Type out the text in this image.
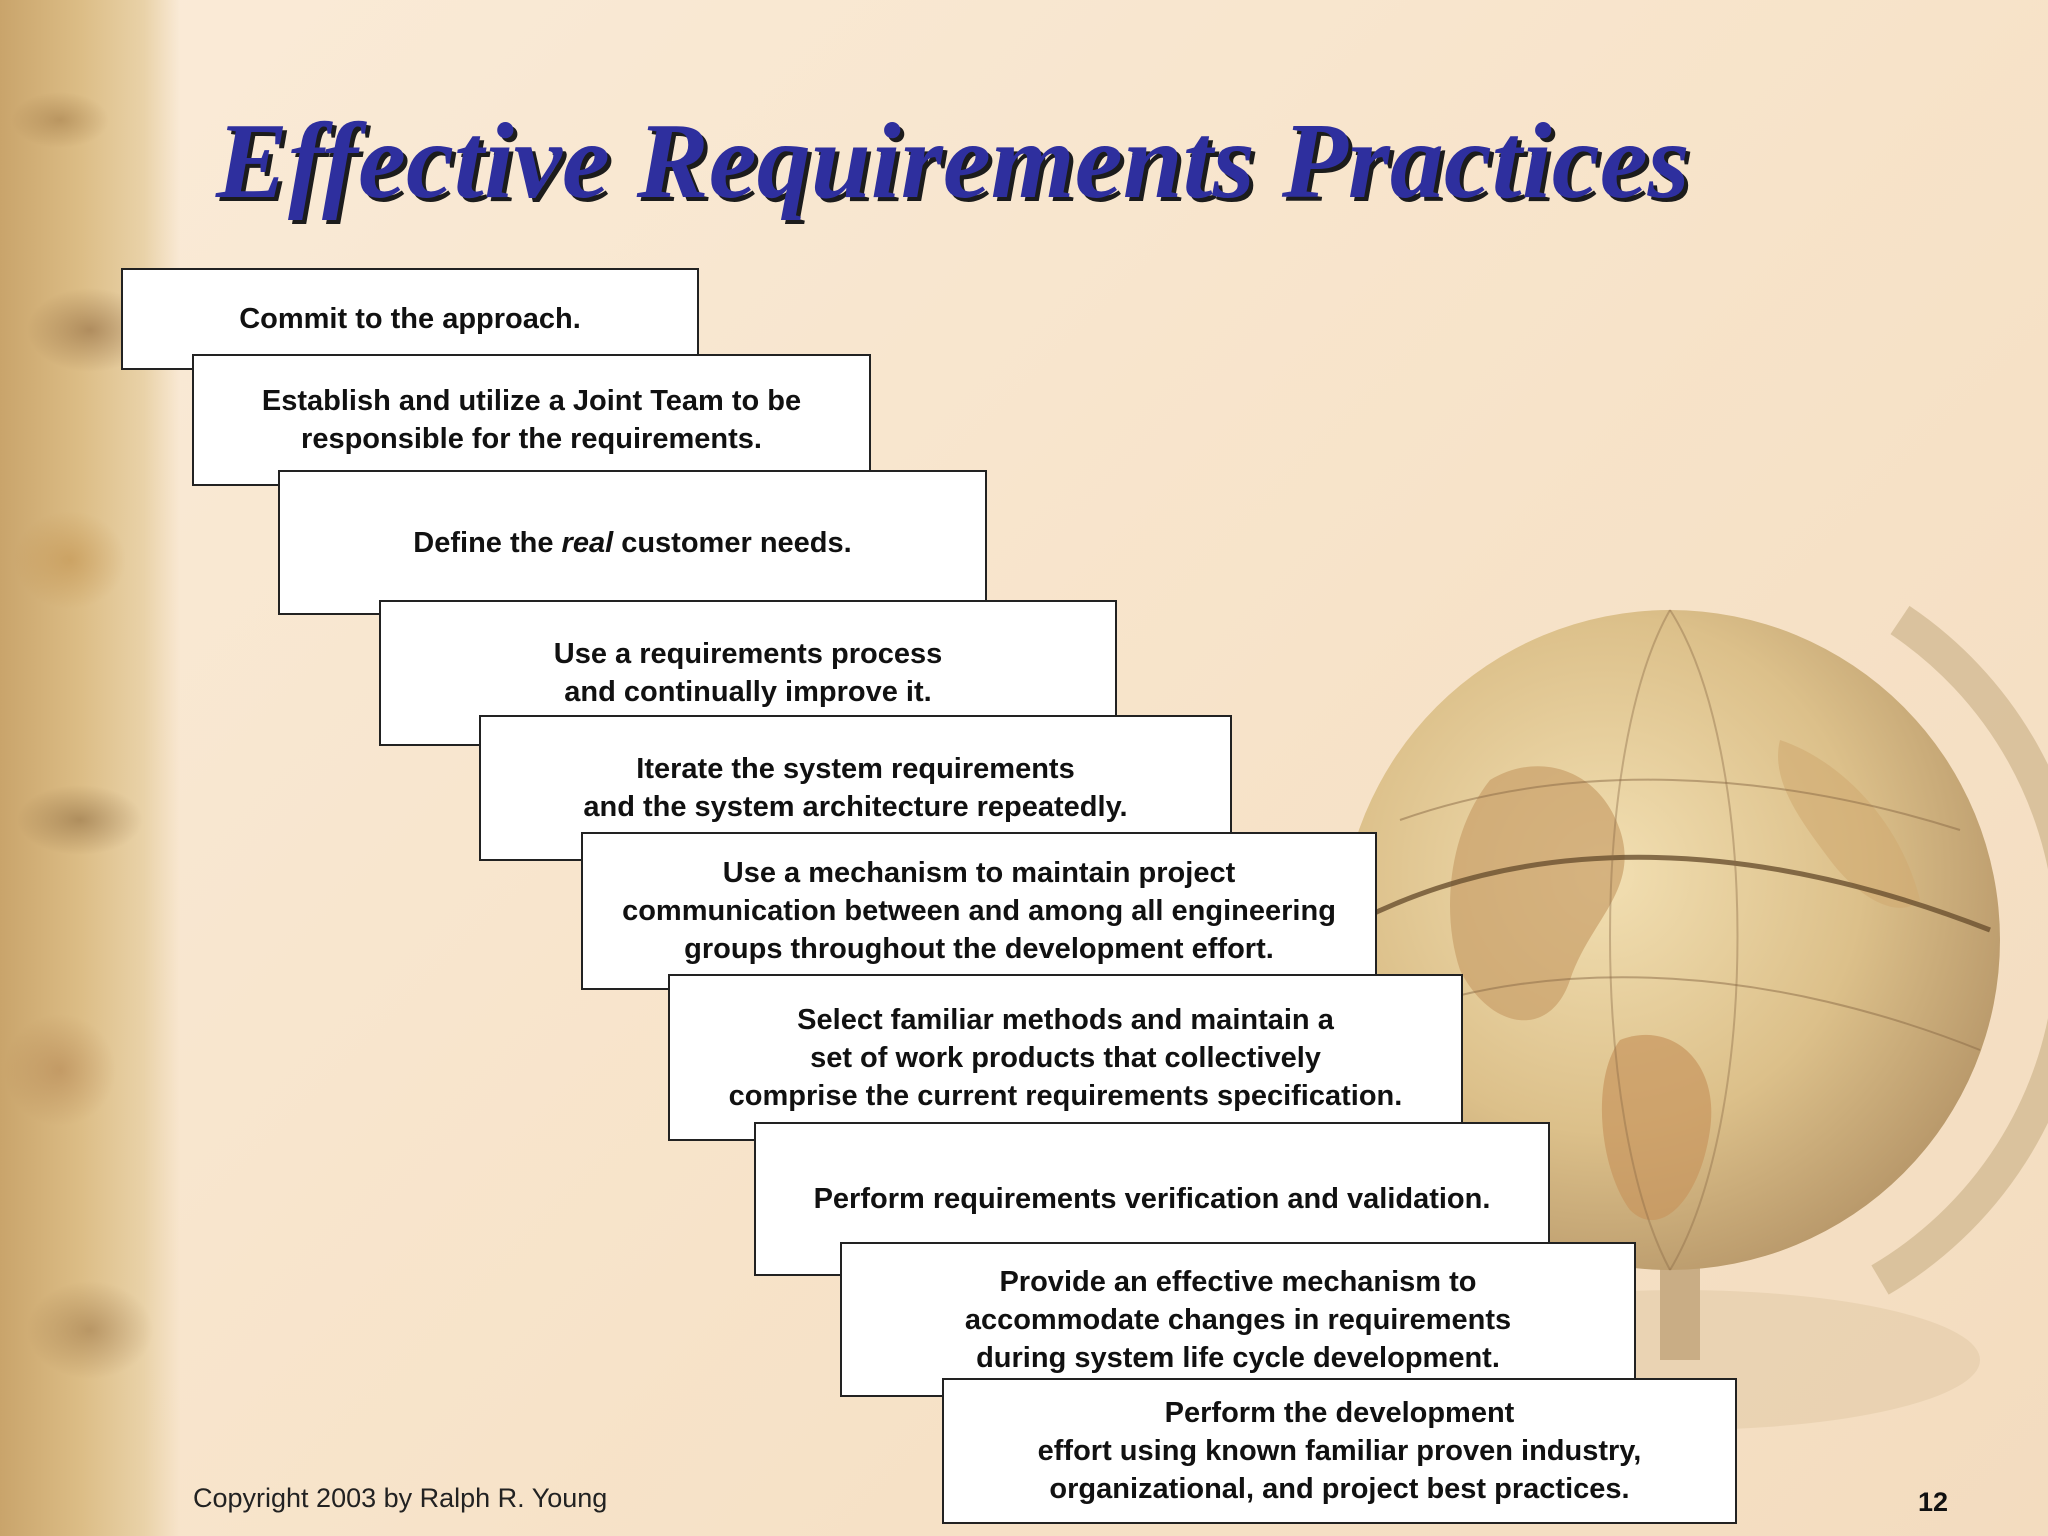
Effective Requirements Practices
Commit to the approach.
Establish and utilize a Joint Team to be
responsible for the requirements.
Define the real customer needs.
Use a requirements process
and continually improve it.
Iterate the system requirements
and the system architecture repeatedly.
Use a mechanism to maintain project
communication between and among all engineering
groups throughout the development effort.
Select familiar methods and maintain a
set of work products that collectively
comprise the current requirements specification.
Perform requirements verification and validation.
Provide an effective mechanism to
accommodate changes in requirements
during system life cycle development.
Perform the development
effort using known familiar proven industry,
organizational, and project best practices.
Copyright 2003 by Ralph R. Young	12
